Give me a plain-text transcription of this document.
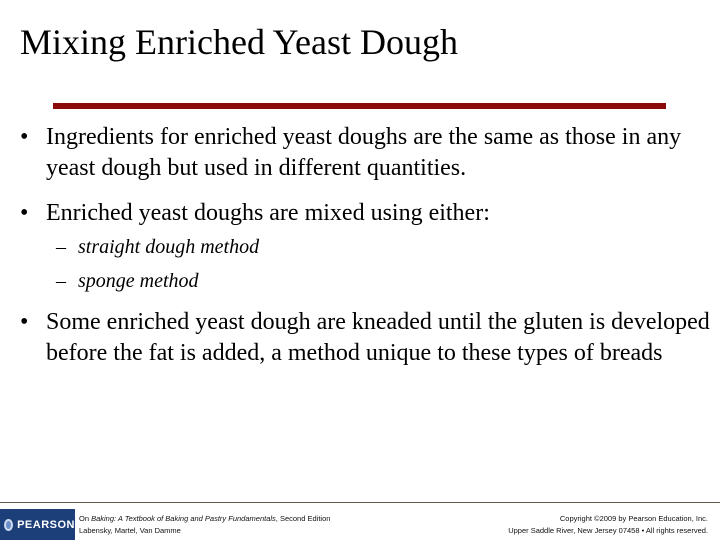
Mixing Enriched Yeast Dough
• Ingredients for enriched yeast doughs are the same as those in any yeast dough but used in different quantities.
• Enriched yeast doughs are mixed using either:
– straight dough method
– sponge method
• Some enriched yeast dough are kneaded until the gluten is developed before the fat is added, a method unique to these types of breads
PEARSON
On Baking: A Textbook of Baking and Pastry Fundamentals, Second Edition
Labensky, Martel, Van Damme
Copyright ©2009 by Pearson Education, Inc.
Upper Saddle River, New Jersey 07458 • All rights reserved.
